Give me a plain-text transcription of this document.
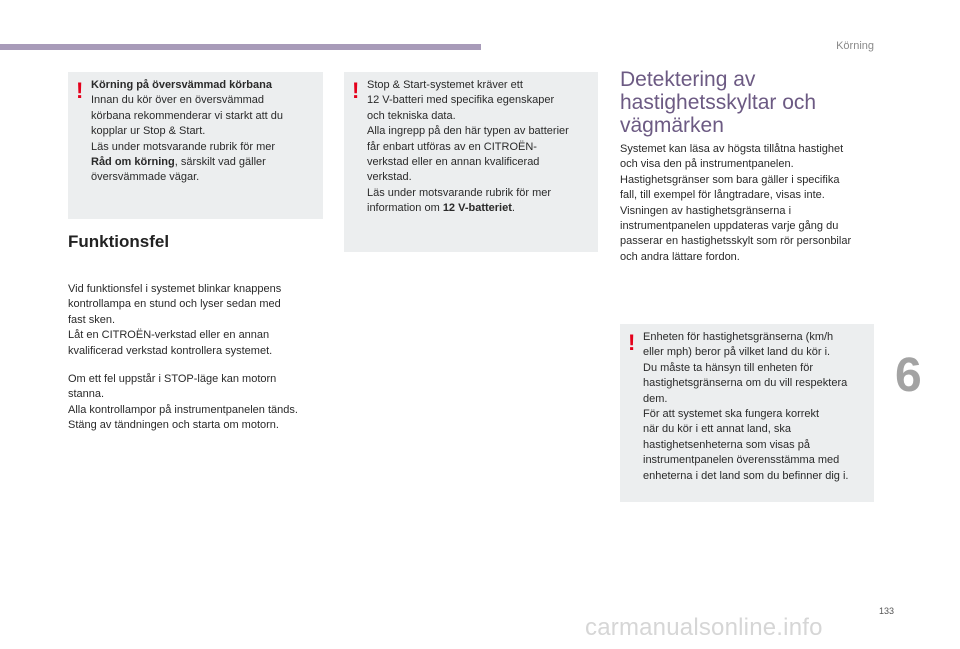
Körning
! Körning på översvämmad körbana

Innan du kör över en översvämmad

körbana rekommenderar vi starkt att du

kopplar ur Stop & Start.

Läs under motsvarande rubrik för mer

Råd om körning, särskilt vad gäller

översvämmade vägar.

Funktionsfel

Vid funktionsfel i systemet blinkar knappens

kontrollampa en stund och lyser sedan med

fast sken.

Låt en CITROËN-verkstad eller en annan

kvalificerad verkstad kontrollera systemet.

Om ett fel uppstår i STOP-läge kan motorn

stanna.

Alla kontrollampor på instrumentpanelen tänds.

Stäng av tändningen och starta om motorn.

! Stop & Start-systemet kräver ett

12 V-batteri med specifika egenskaper

och tekniska data.

Alla ingrepp på den här typen av batterier

får enbart utföras av en CITROËN-

verkstad eller en annan kvalificerad

verkstad.

Läs under motsvarande rubrik för mer

information om 12 V-batteriet.

Detektering av
hastighetsskyltar och
vägmärken

Systemet kan läsa av högsta tillåtna hastighet

och visa den på instrumentpanelen.

Hastighetsgränser som bara gäller i specifika

fall, till exempel för långtradare, visas inte.

Visningen av hastighetsgränserna i

instrumentpanelen uppdateras varje gång du

passerar en hastighetsskylt som rör personbilar

och andra lättare fordon.

! Enheten för hastighetsgränserna (km/h

eller mph) beror på vilket land du kör i.

Du måste ta hänsyn till enheten för

hastighetsgränserna om du vill respektera

dem.

För att systemet ska fungera korrekt

när du kör i ett annat land, ska

hastighetsenheterna som visas på

instrumentpanelen överensstämma med

enheterna i det land som du befinner dig i.

6
133
carmanualsonline.info
